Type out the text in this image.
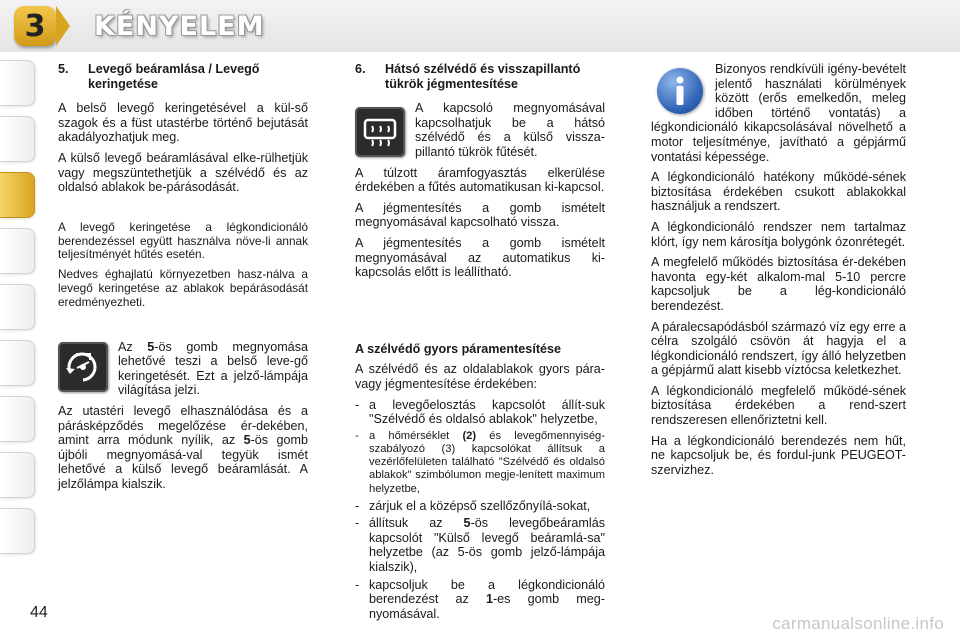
3 KÉNYELEM
5.	Levegő beáramlása / Levegő keringetése

A belső levegő keringetésével a kül-ső szagok és a füst utastérbe történő bejutását akadályozhatjuk meg.

A külső levegő beáramlásával elke-rülhetjük vagy megszüntethetjük a szélvédő és az oldalsó ablakok be-párásodását.

A levegő keringetése a légkondicionáló berendezéssel együtt használva növe-li annak teljesítményét hűtés esetén.

Nedves éghajlatú környezetben hasz-nálva a levegő keringetése az ablakok bepárásodását eredményezheti.

Az 5-ös gomb megnyomása lehetővé teszi a belső leve-gő keringetését. Ezt a jelző-lámpája világítása jelzi.

Az utastéri levegő elhasználódása és a párásképződés megelőzése ér-dekében, amint arra módunk nyílik, az 5-ös gomb újbóli megnyomásá-val tegyük ismét lehetővé a külső levegő beáramlását. A jelzőlámpa kialszik.

6.	Hátsó szélvédő és visszapillantó tükrök jégmentesítése

A kapcsoló megnyomásával kapcsolhatjuk be a hátsó szélvédő és a külső vissza-pillantó tükrök fűtését.

A túlzott áramfogyasztás elkerülése érdekében a fűtés automatikusan ki-kapcsol.

A jégmentesítés a gomb ismételt megnyomásával kapcsolható vissza.

A jégmentesítés a gomb ismételt megnyomásával az automatikus ki-kapcsolás előtt is leállítható.

A szélvédő gyors páramentesítése

A szélvédő és az oldalablakok gyors pára- vagy jégmentesítése érdekében:

- a levegőelosztás kapcsolót állít-suk "Szélvédő és oldalsó ablakok" helyzetbe,
- a hőmérséklet (2) és levegőmennyiség-szabályozó (3) kapcsolókat állítsuk a vezérlőfelületen található "Szélvédő és oldalsó ablakok" szimbólumon megje-lenített maximum helyzetbe,
- zárjuk el a középső szellőzőnyílá-sokat,
- állítsuk az 5-ös levegőbeáramlás kapcsolót "Külső levegő beáramlá-sa" helyzetbe (az 5-ös gomb jelző-lámpája kialszik),
- kapcsoljuk be a légkondicionáló berendezést az 1-es gomb meg-nyomásával.

Bizonyos rendkívüli igény-bevételt jelentő használati körülmények között (erős emelkedőn, meleg időben történő vontatás) a légkondicionáló kikapcsolásával növelhető a motor teljesítménye, javítható a gépjármű vontatási képessége.

A légkondicionáló hatékony működé-sének biztosítása érdekében csukott ablakokkal használjuk a rendszert.

A légkondicionáló rendszer nem tartalmaz klórt, így nem károsítja bolygónk ózonrétegét.

A megfelelő működés biztosítása ér-dekében havonta egy-két alkalom-mal 5-10 percre kapcsoljuk be a lég-kondicionáló berendezést.

A páralecsapódásból származó víz egy erre a célra szolgáló csövön át hagyja el a légkondicionáló rendszert, így álló helyzetben a gépjármű alatt kisebb víztócsa keletkezhet.

A légkondicionáló megfelelő működé-sének biztosítása érdekében a rend-szert rendszeresen ellenőriztetni kell.

Ha a légkondicionáló berendezés nem hűt, ne kapcsoljuk be, és fordul-junk PEUGEOT-szervizhez.

44
carmanualsonline.info
